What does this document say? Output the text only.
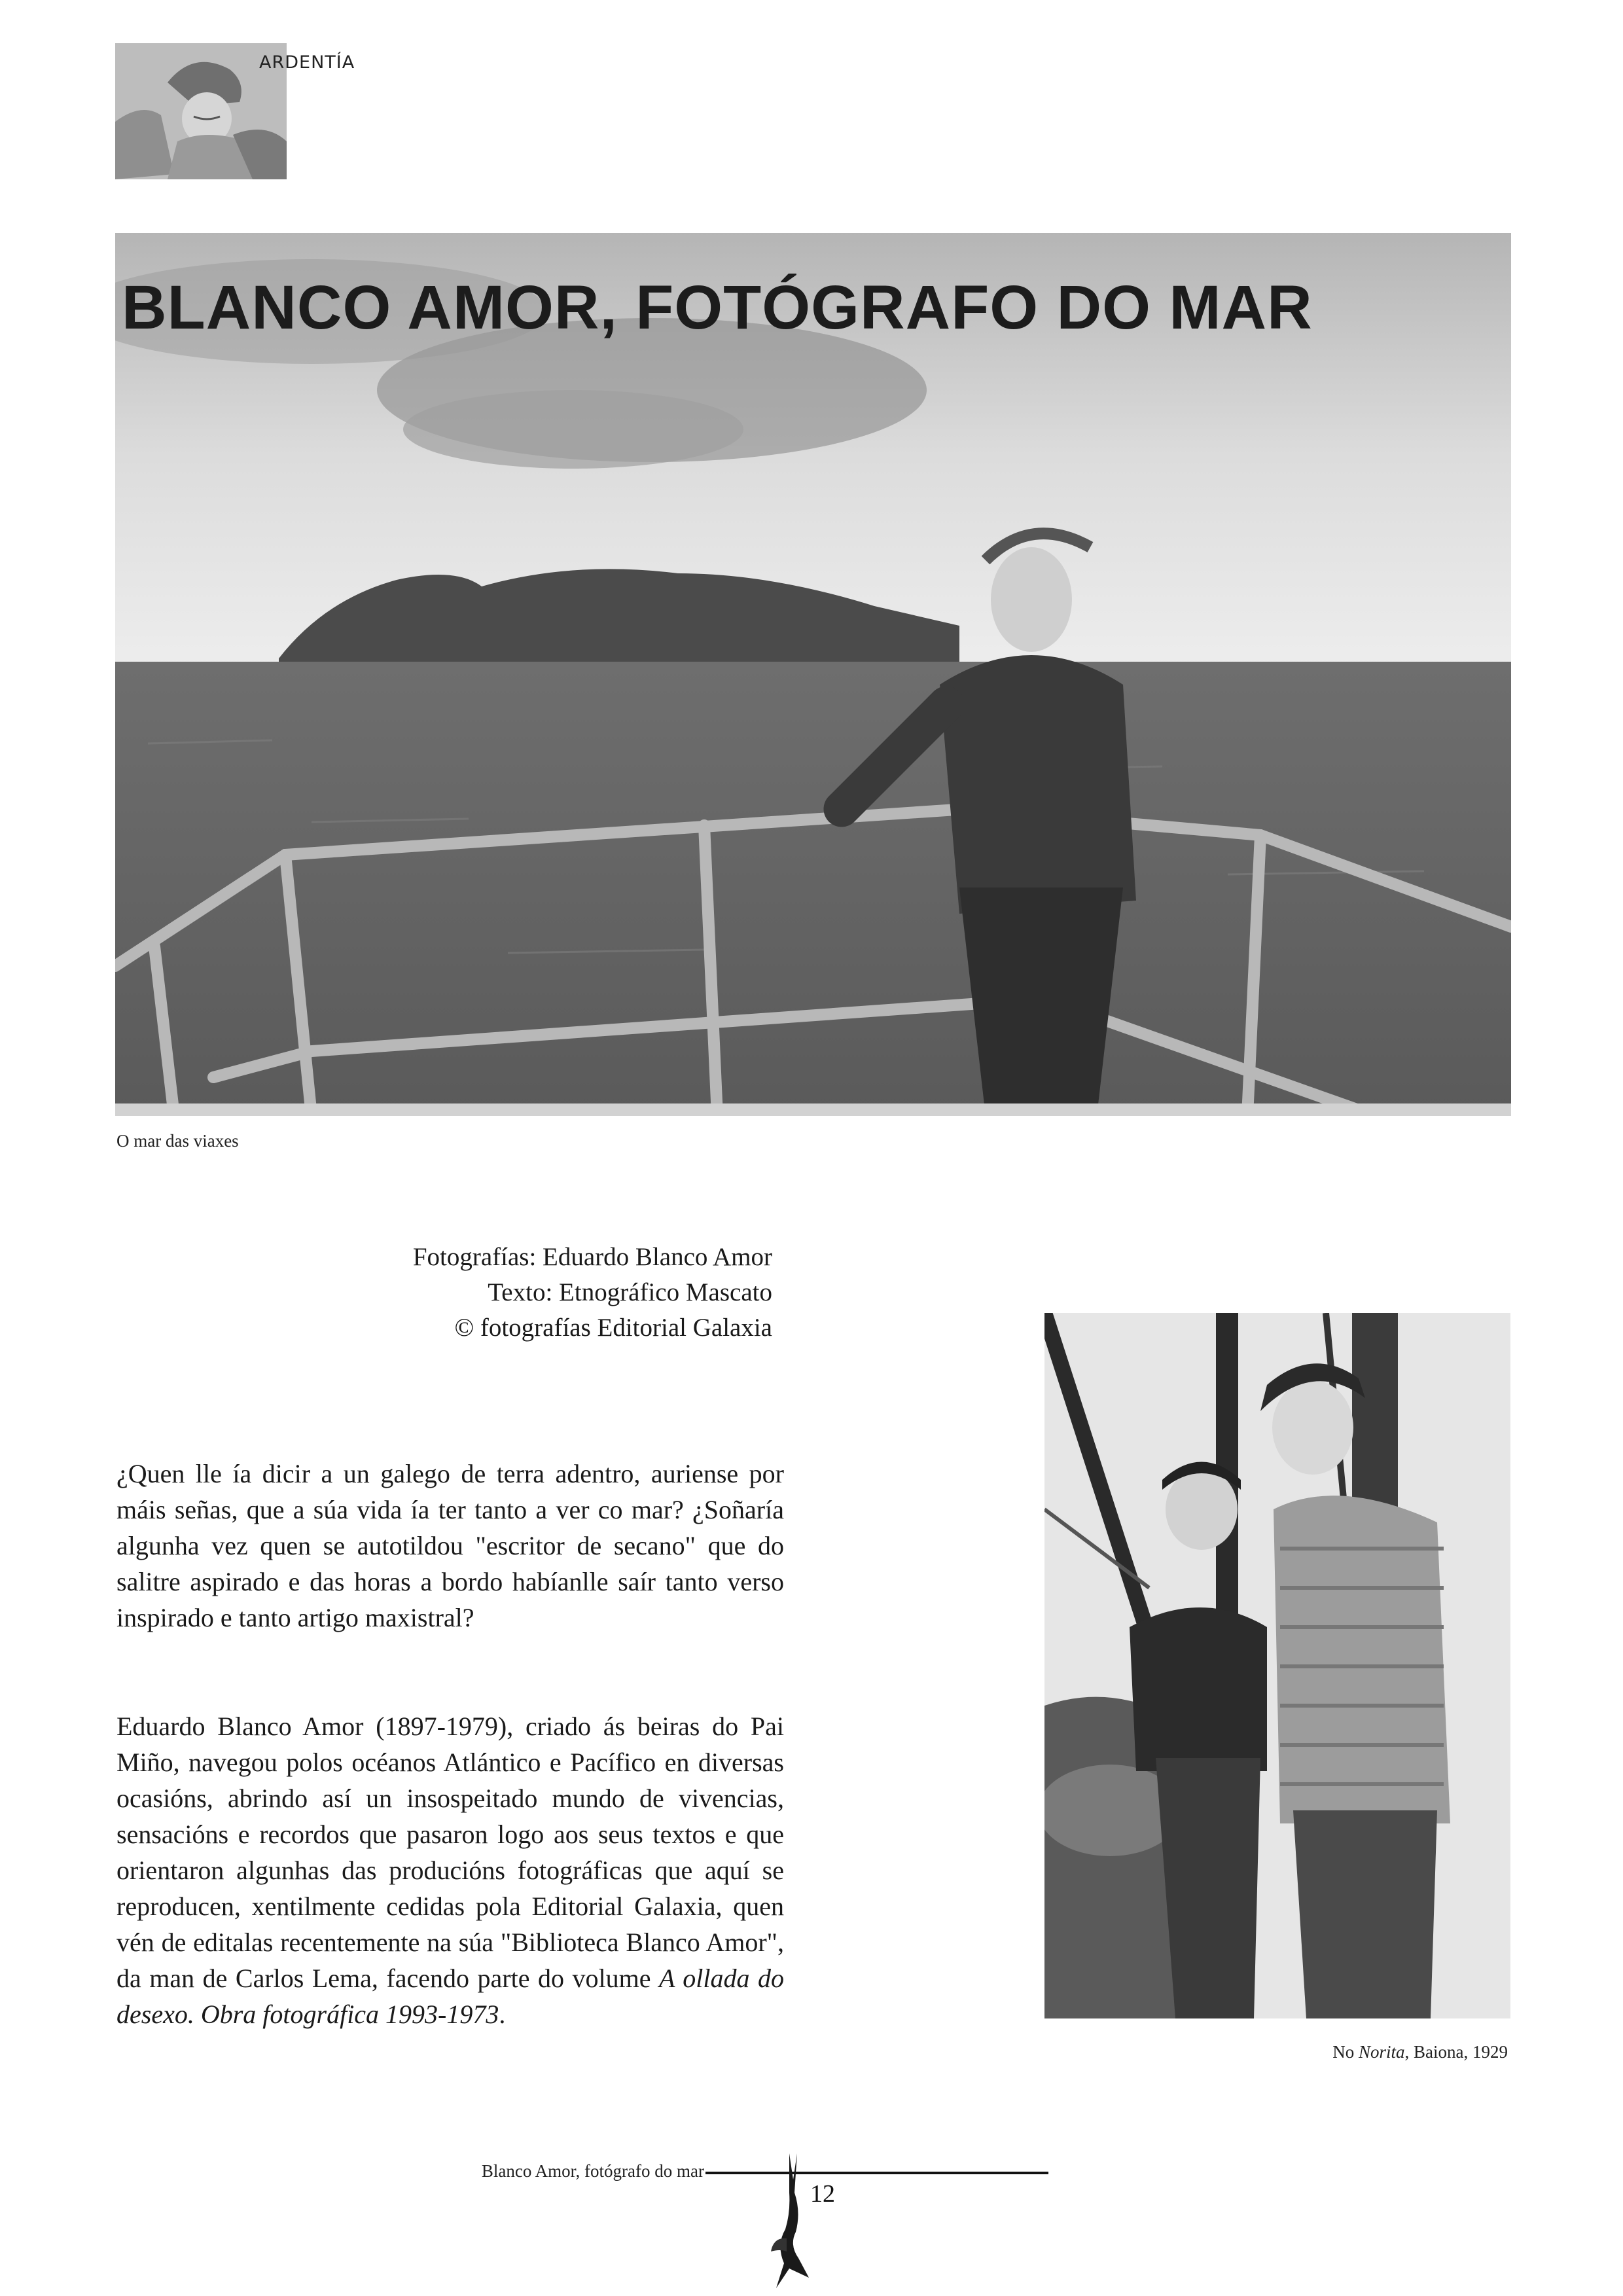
ARDENTÍA
BLANCO AMOR, FOTÓGRAFO DO MAR
O mar das viaxes
Fotografías: Eduardo Blanco Amor
Texto: Etnográfico Mascato
© fotografías Editorial Galaxia
¿Quen lle ía dicir a un galego de terra adentro, auriense por máis señas, que a súa vida ía ter tanto a ver co mar? ¿Soñaría algunha vez quen se autotildou "escritor de secano" que do salitre aspirado e das horas a bordo habíanlle saír tanto verso inspirado e tanto artigo maxistral?
Eduardo Blanco Amor (1897-1979), criado ás beiras do Pai Miño, navegou polos océanos Atlántico e Pacífico en diversas ocasións, abrindo así un insospeitado mundo de vivencias, sensacións e recordos que pasaron logo aos seus textos e que orientaron algunhas das producións fotográficas que aquí se reproducen, xentilmente cedidas pola Editorial Galaxia, quen vén de editalas recentemente na súa "Biblioteca Blanco Amor", da man de Carlos Lema, facendo parte do volume A ollada do desexo. Obra fotográfica 1993-1973.
No Norita, Baiona, 1929
Blanco Amor, fotógrafo do mar
12
